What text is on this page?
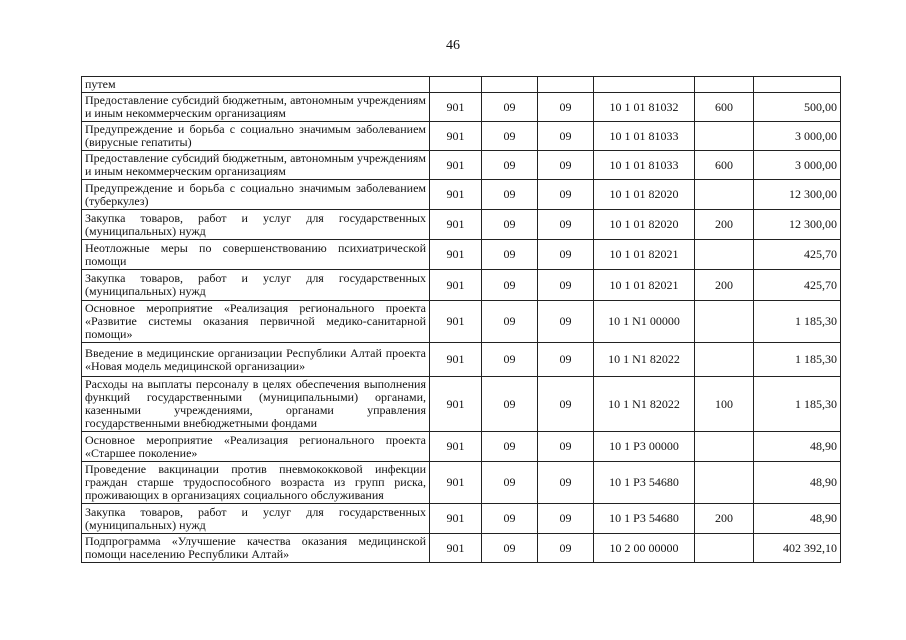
46
путем						
Предоставление субсидий бюджетным, автономным учреждениям и иным некоммерческим организациям	901	09	09	10 1 01 81032	600	500,00
Предупреждение и борьба с социально значимым заболеванием (вирусные гепатиты)	901	09	09	10 1 01 81033		3 000,00
Предоставление субсидий бюджетным, автономным учреждениям и иным некоммерческим организациям	901	09	09	10 1 01 81033	600	3 000,00
Предупреждение и борьба с социально значимым заболеванием (туберкулез)	901	09	09	10 1 01 82020		12 300,00
Закупка товаров, работ и услуг для государственных (муниципальных) нужд	901	09	09	10 1 01 82020	200	12 300,00
Неотложные меры по совершенствованию психиатрической помощи	901	09	09	10 1 01 82021		425,70
Закупка товаров, работ и услуг для государственных (муниципальных) нужд	901	09	09	10 1 01 82021	200	425,70
Основное мероприятие «Реализация регионального проекта «Развитие системы оказания первичной медико-санитарной помощи»	901	09	09	10 1 N1 00000		1 185,30
Введение в медицинские организации Республики Алтай проекта «Новая модель медицинской организации»	901	09	09	10 1 N1 82022		1 185,30
Расходы на выплаты персоналу в целях обеспечения выполнения функций государственными (муниципальными) органами, казенными учреждениями, органами управления государственными внебюджетными фондами	901	09	09	10 1 N1 82022	100	1 185,30
Основное мероприятие «Реализация регионального проекта «Старшее поколение»	901	09	09	10 1 P3 00000		48,90
Проведение вакцинации против пневмококковой инфекции граждан старше трудоспособного возраста из групп риска, проживающих в организациях социального обслуживания	901	09	09	10 1 P3 54680		48,90
Закупка товаров, работ и услуг для государственных (муниципальных) нужд	901	09	09	10 1 P3 54680	200	48,90
Подпрограмма «Улучшение качества оказания медицинской помощи населению Республики Алтай»	901	09	09	10 2 00 00000		402 392,10
